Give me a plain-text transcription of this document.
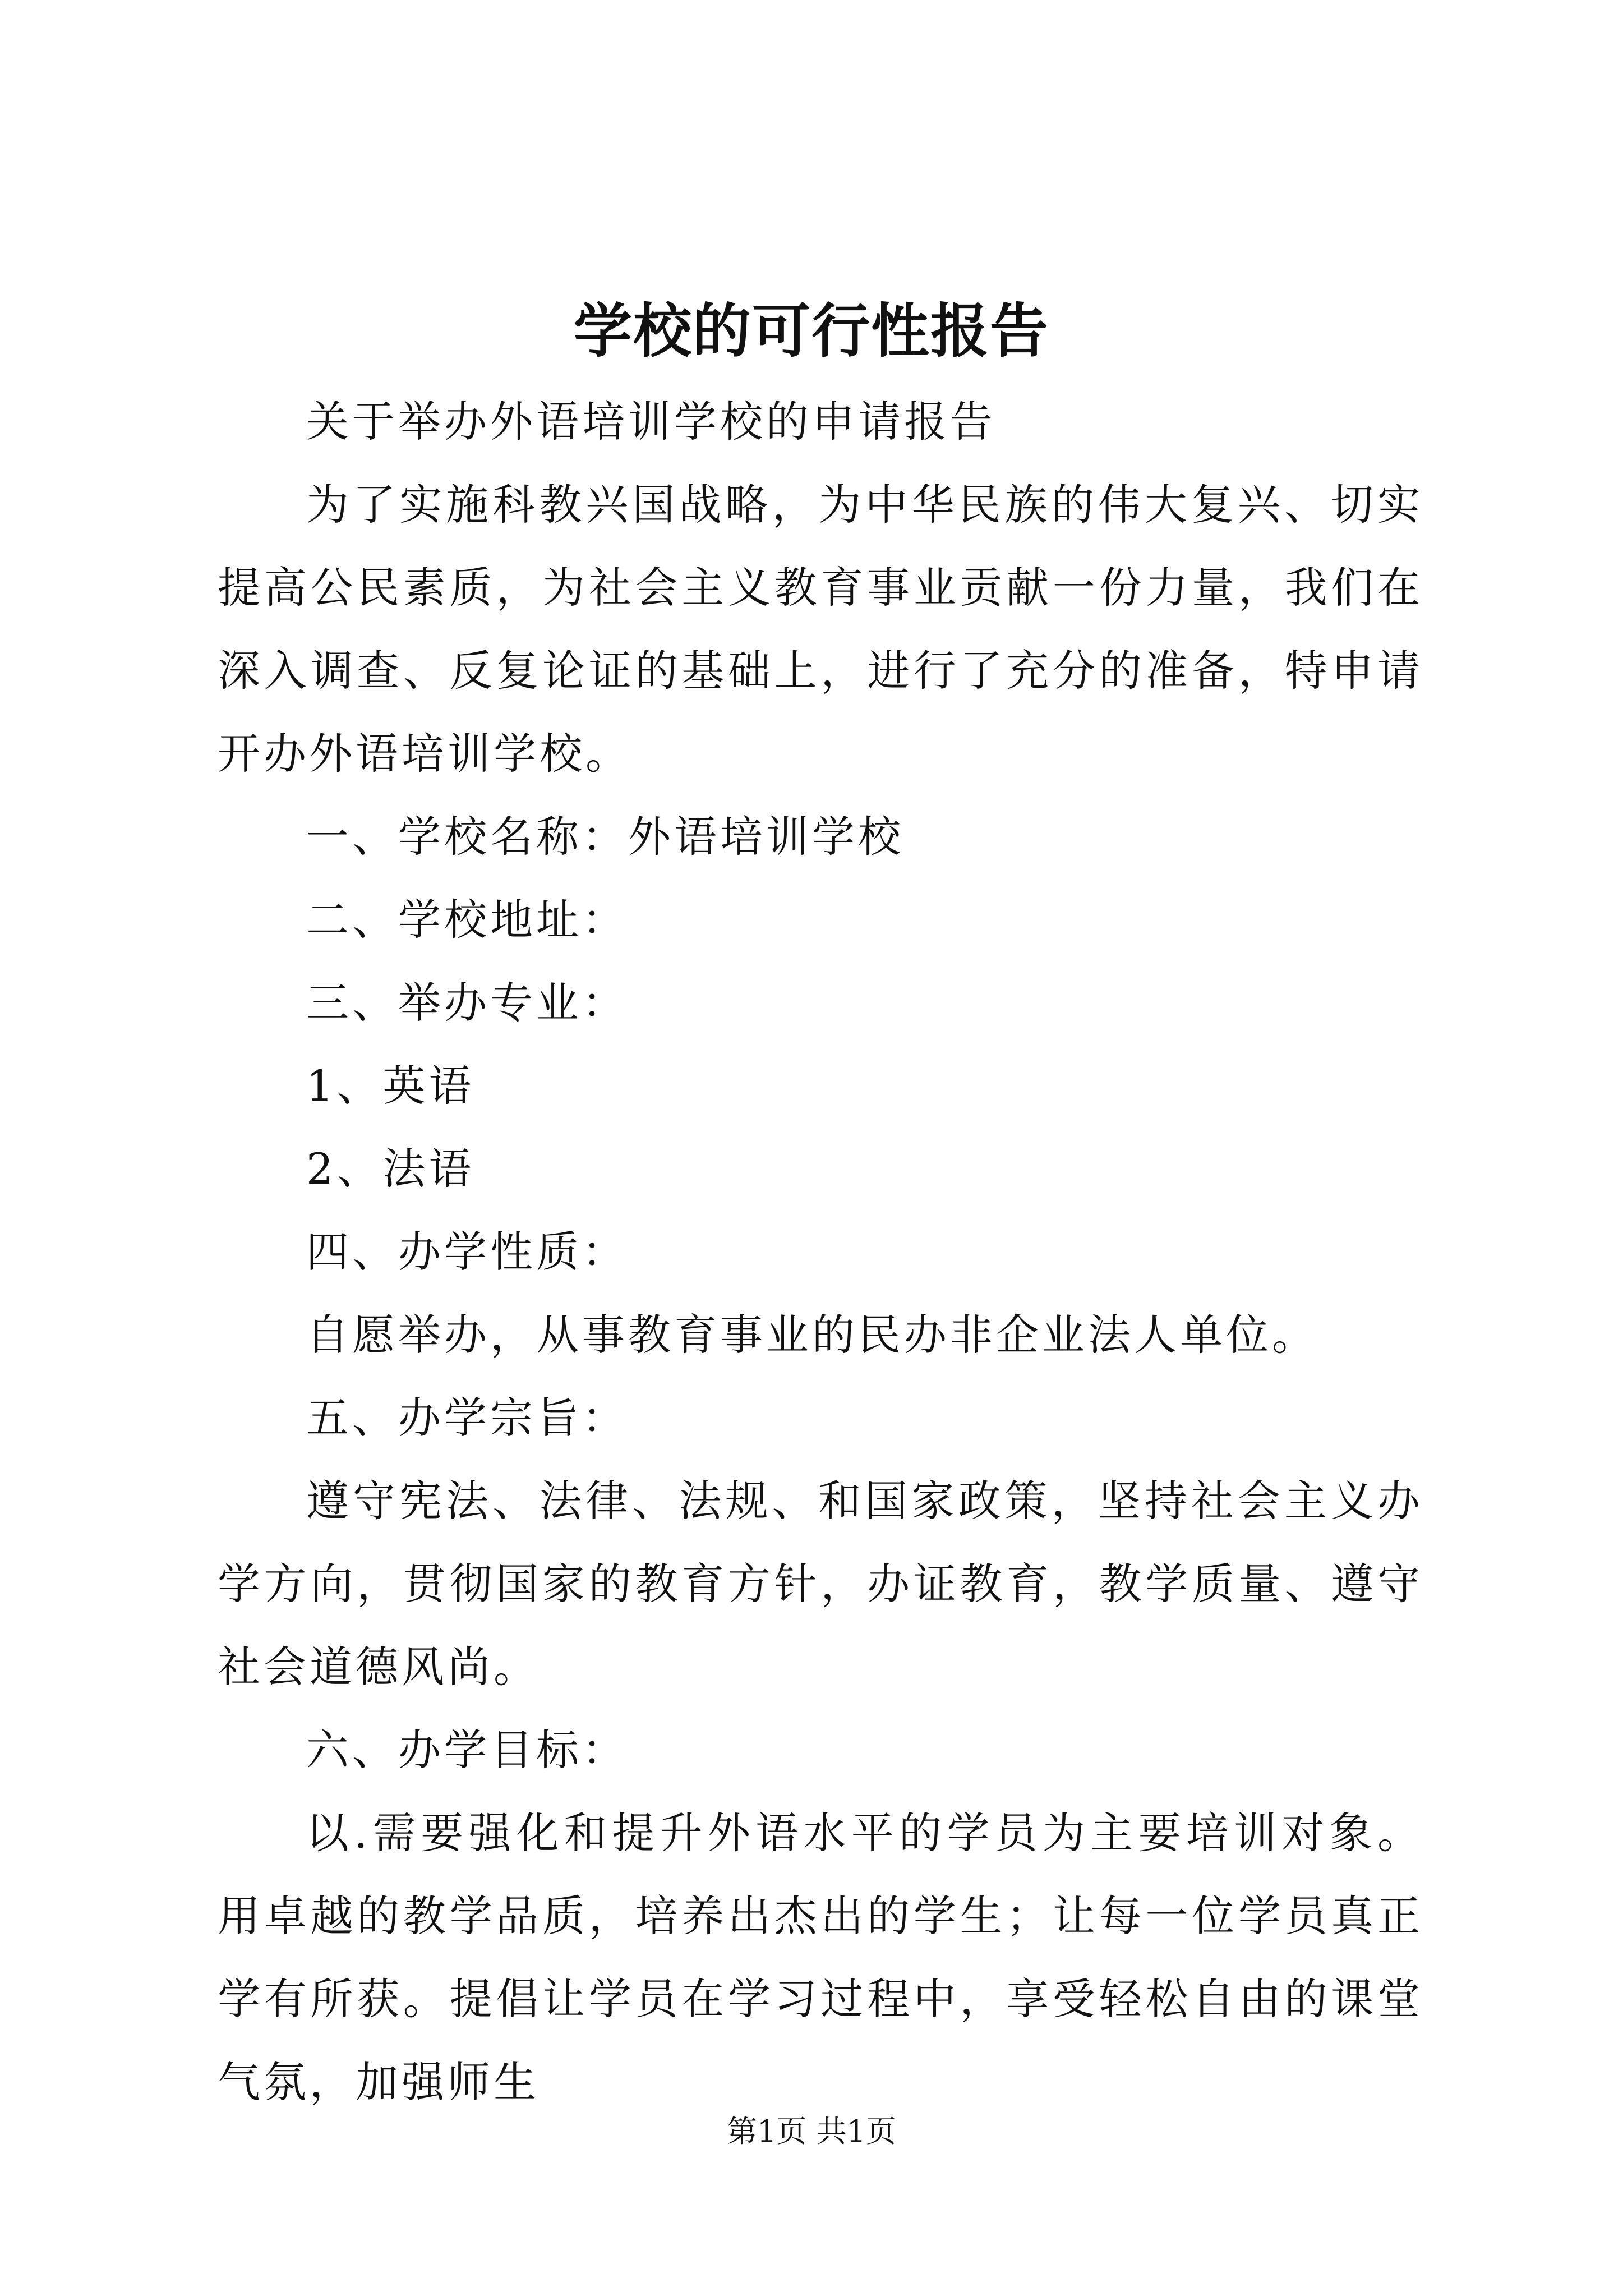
学校的可行性报告

关于举办外语培训学校的申请报告

为了实施科教兴国战略，为中华民族的伟大复兴、切实提高公民素质，为社会主义教育事业贡献一份力量，我们在深入调查、反复论证的基础上，进行了充分的准备，特申请开办外语培训学校。

一、学校名称：外语培训学校

二、学校地址：

三、举办专业：

1、英语

2、法语

四、办学性质：

自愿举办，从事教育事业的民办非企业法人单位。

五、办学宗旨：

遵守宪法、法律、法规、和国家政策，坚持社会主义办学方向，贯彻国家的教育方针，办证教育，教学质量、遵守社会道德风尚。

六、办学目标：

以.需要强化和提升外语水平的学员为主要培训对象。用卓越的教学品质，培养出杰出的学生；让每一位学员真正学有所获。提倡让学员在学习过程中，享受轻松自由的课堂气氛，加强师生

第1页 共1页
